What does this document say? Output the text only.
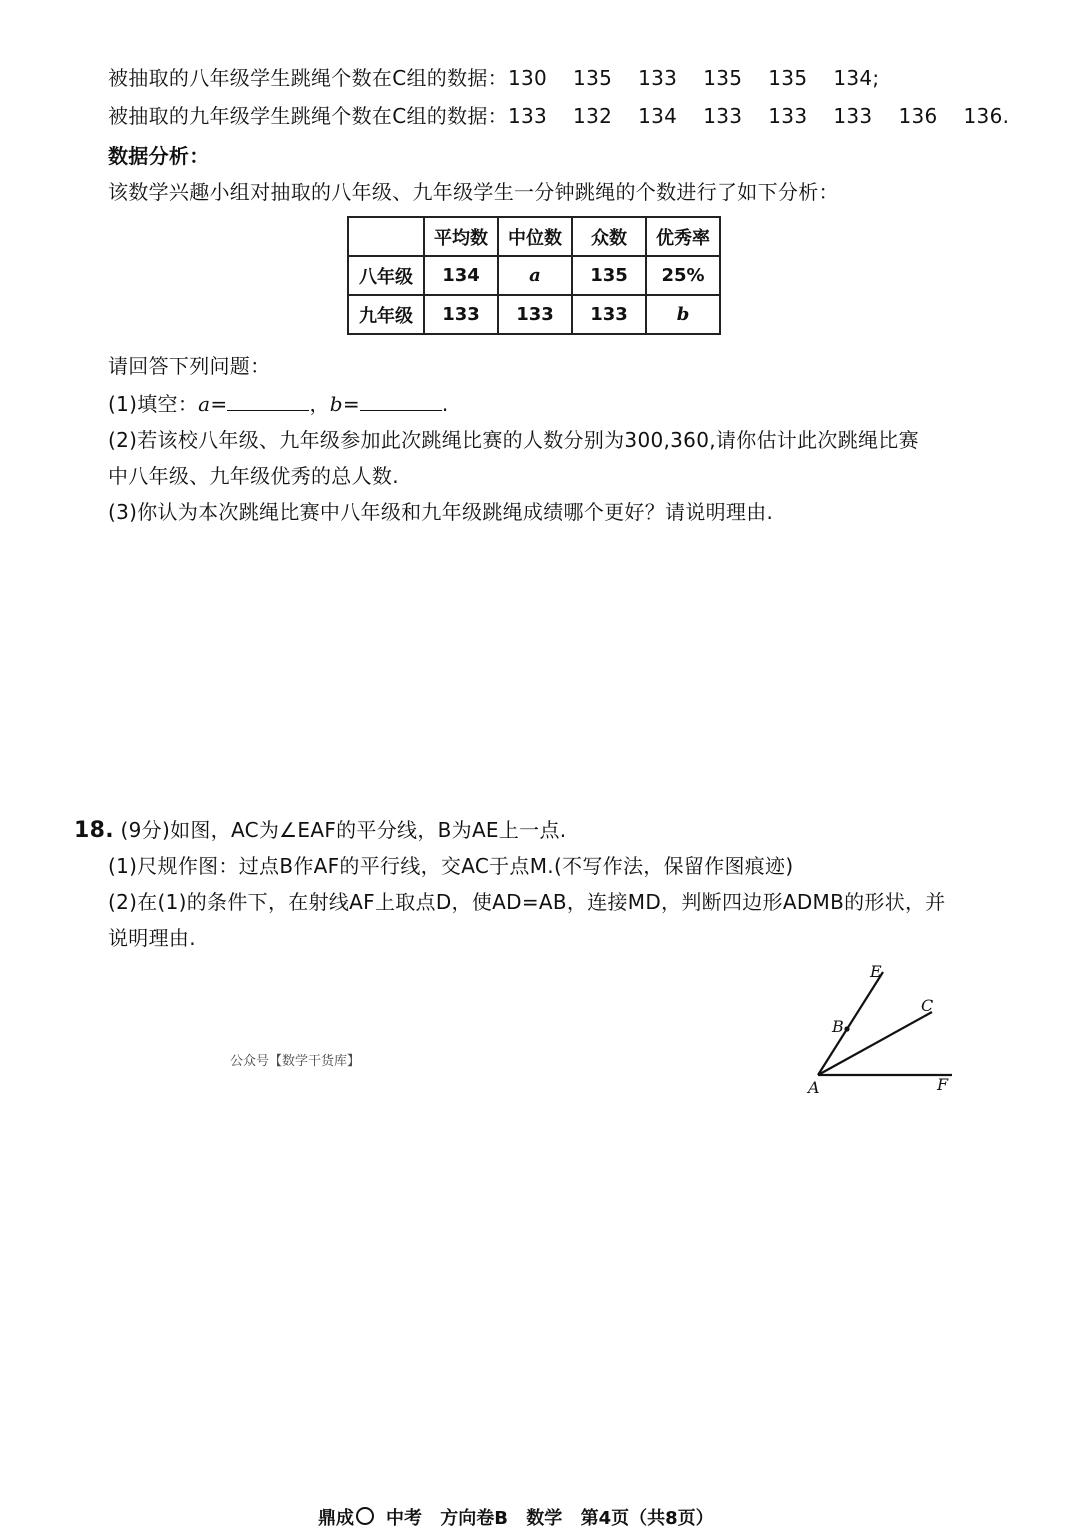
被抽取的八年级学生跳绳个数在C组的数据：130 135 133 135 135 134;
被抽取的九年级学生跳绳个数在C组的数据：133 132 134 133 133 133 136 136.
数据分析：
该数学兴趣小组对抽取的八年级、九年级学生一分钟跳绳的个数进行了如下分析：
	平均数	中位数	众数	优秀率
八年级	134	a	135	25%
九年级	133	133	133	b
请回答下列问题：
(1)填空：a=	，b=	.
(2)若该校八年级、九年级参加此次跳绳比赛的人数分别为300,360,请你估计此次跳绳比赛
中八年级、九年级优秀的总人数.
(3)你认为本次跳绳比赛中八年级和九年级跳绳成绩哪个更好？请说明理由.
18. (9分)如图，AC为∠EAF的平分线，B为AE上一点.
(1)尺规作图：过点B作AF的平行线，交AC于点M.(不写作法，保留作图痕迹)
(2)在(1)的条件下，在射线AF上取点D，使AD=AB，连接MD，判断四边形ADMB的形状，并
说明理由.
公众号【数学干货库】
E
C
B
A	F
鼎成 中考 方向卷B 数学 第4页（共8页）
